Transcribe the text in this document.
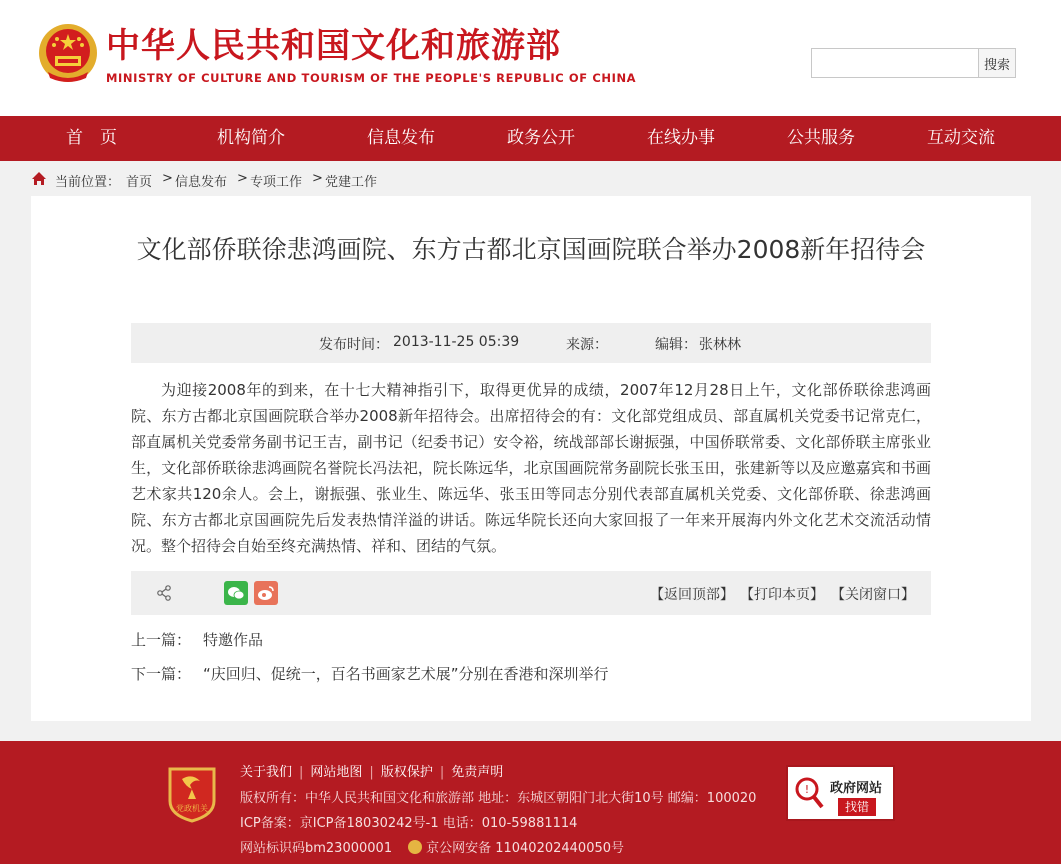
中华人民共和国文化和旅游部
MINISTRY OF CULTURE AND TOURISM OF THE PEOPLE'S REPUBLIC OF CHINA
搜索
首　页	机构简介	信息发布	政务公开	在线办事	公共服务	互动交流
当前位置： 首页 > 信息发布 > 专项工作 > 党建工作
文化部侨联徐悲鸿画院、东方古都北京国画院联合举办2008新年招待会
发布时间： 2013-11-25 05:39	来源：	编辑： 张林林

为迎接2008年的到来，在十七大精神指引下，取得更优异的成绩，2007年12月28日上午，文化部侨联徐悲鸿画院、东方古都北京国画院联合举办2008新年招待会。出席招待会的有：文化部党组成员、部直属机关党委书记常克仁，部直属机关党委常务副书记王吉，副书记（纪委书记）安令裕，统战部部长谢振强，中国侨联常委、文化部侨联主席张业生，文化部侨联徐悲鸿画院名誉院长冯法祀，院长陈远华，北京国画院常务副院长张玉田，张建新等以及应邀嘉宾和书画艺术家共120余人。会上，谢振强、张业生、陈远华、张玉田等同志分别代表部直属机关党委、文化部侨联、徐悲鸿画院、东方古都北京国画院先后发表热情洋溢的讲话。陈远华院长还向大家回报了一年来开展海内外文化艺术交流活动情况。整个招待会自始至终充满热情、祥和、团结的气氛。

【返回顶部】 【打印本页】 【关闭窗口】
上一篇： 特邀作品
下一篇： “庆回归、促统一，百名书画家艺术展”分别在香港和深圳举行
党政机关
关于我们 | 网站地图 | 版权保护 | 免责声明
版权所有：中华人民共和国文化和旅游部 地址：东城区朝阳门北大街10号 邮编：100020
ICP备案：京ICP备18030242号-1 电话：010-59881114
网站标识码bm23000001	京公网安备 11040202440050号
! 政府网站
找错
